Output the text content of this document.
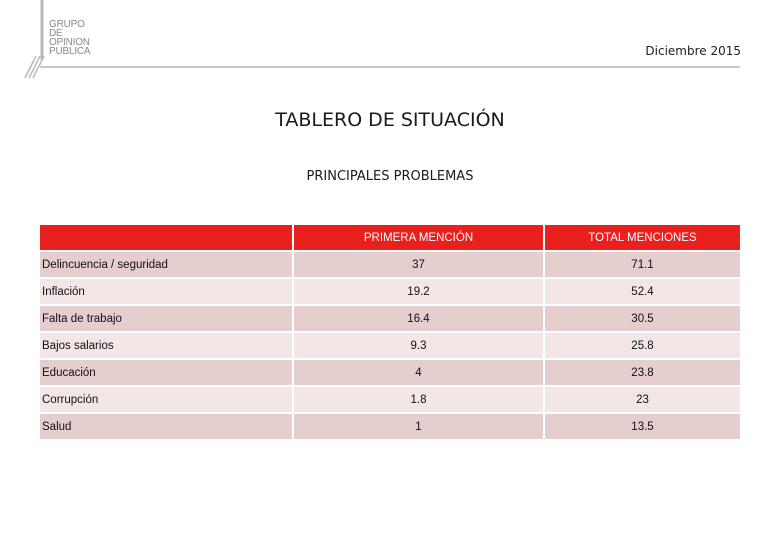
GRUPO
DE
OPINION
PUBLICA	Diciembre 2015
TABLERO DE SITUACIÓN
PRINCIPALES PROBLEMAS
	PRIMERA MENCIÓN	TOTAL MENCIONES
Delincuencia / seguridad	37	71.1
Inflación	19.2	52.4
Falta de trabajo	16.4	30.5
Bajos salarios	9.3	25.8
Educación	4	23.8
Corrupción	1.8	23
Salud	1	13.5
